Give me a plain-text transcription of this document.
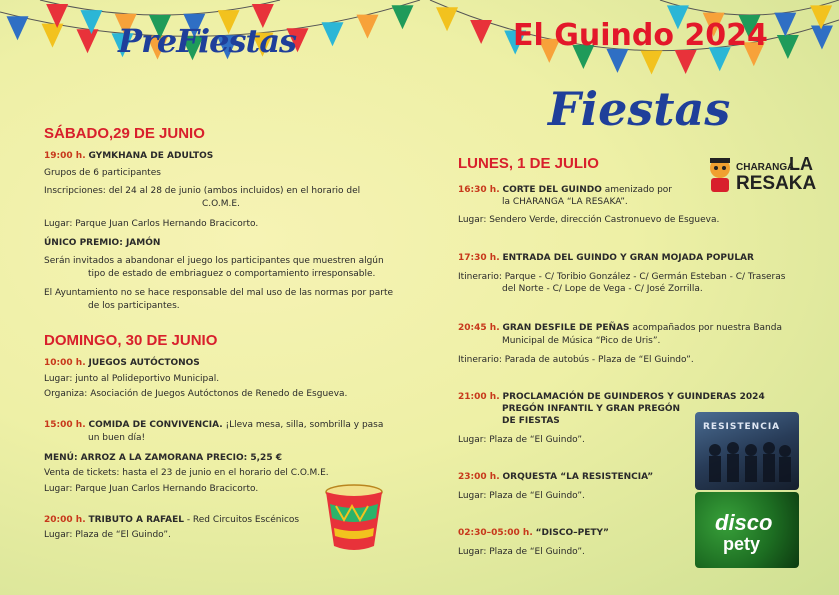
PreFiestas
SÁBADO,29 DE JUNIO
19:00 h. GYMKHANA DE ADULTOS
Grupos de 6 participantes
Inscripciones: del 24 al 28 de junio (ambos incluidos) en el horario del
C.O.M.E.
Lugar: Parque Juan Carlos Hernando Bracicorto.
ÚNICO PREMIO: JAMÓN
Serán invitados a abandonar el juego los participantes que muestren algún
tipo de estado de embriaguez o comportamiento irresponsable.
El Ayuntamiento no se hace responsable del mal uso de las normas por parte
de los participantes.
DOMINGO, 30 DE JUNIO
10:00 h. JUEGOS AUTÓCTONOS
Lugar: junto al Polideportivo Municipal.
Organiza: Asociación de Juegos Autóctonos de Renedo de Esgueva.
15:00 h. COMIDA DE CONVIVENCIA. ¡Lleva mesa, silla, sombrilla y pasa
un buen día!
MENÚ: ARROZ A LA ZAMORANA PRECIO: 5,25 €
Venta de tickets: hasta el 23 de junio en el horario del C.O.M.E.
Lugar: Parque Juan Carlos Hernando Bracicorto.
20:00 h. TRIBUTO A RAFAEL - Red Circuitos Escénicos
Lugar: Plaza de “El Guindo”.
El Guindo 2024
Fiestas
LUNES, 1 DE JULIO	CHARANGA
LA
RESAKA
16:30 h. CORTE DEL GUINDO amenizado por
la CHARANGA “LA RESAKA”.
Lugar: Sendero Verde, dirección Castronuevo de Esgueva.
17:30 h. ENTRADA DEL GUINDO Y GRAN MOJADA POPULAR
Itinerario: Parque - C/ Toribio González - C/ Germán Esteban - C/ Traseras
del Norte - C/ Lope de Vega - C/ José Zorrilla.
20:45 h. GRAN DESFILE DE PEÑAS acompañados por nuestra Banda
Municipal de Música “Pico de Uris”.
Itinerario: Parada de autobús - Plaza de “El Guindo”.
21:00 h. PROCLAMACIÓN DE GUINDEROS Y GUINDERAS 2024
PREGÓN INFANTIL Y GRAN PREGÓN
DE FIESTAS
Lugar: Plaza de “El Guindo”.
RESISTENCIA
23:00 h. ORQUESTA “LA RESISTENCIA”
Lugar: Plaza de “El Guindo”.
disco
pety
02:30–05:00 h. “DISCO–PETY”
Lugar: Plaza de “El Guindo”.
